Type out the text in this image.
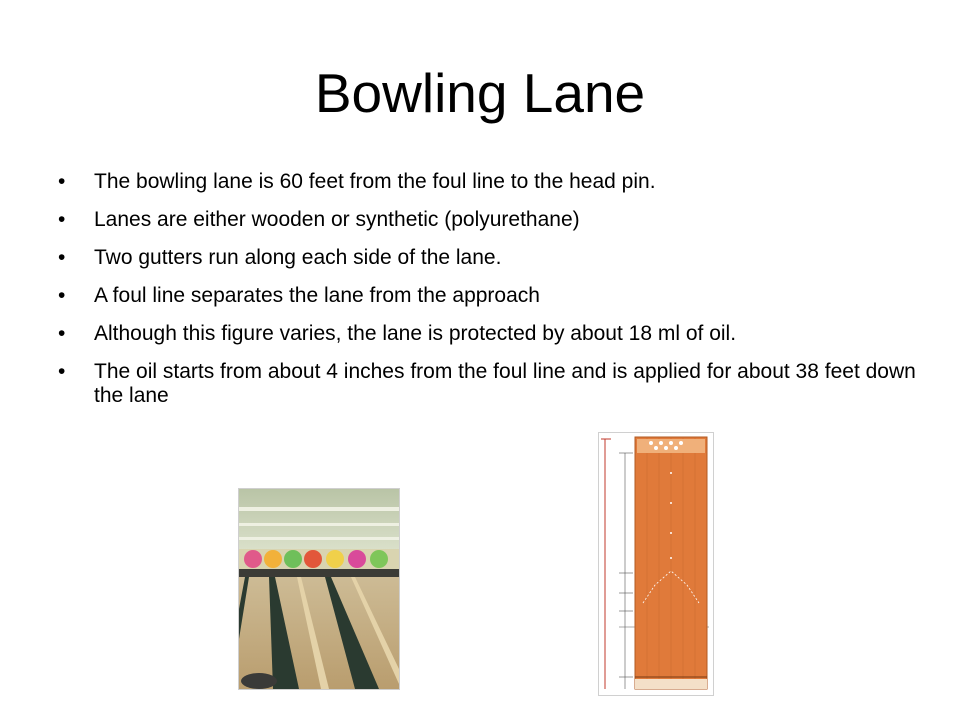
Bowling Lane
• The bowling lane is 60 feet from the foul line to the head pin.
• Lanes are either wooden or synthetic (polyurethane)
• Two gutters run along each side of the lane.
• A foul line separates the lane from the approach
• Although this figure varies, the lane is protected by about 18 ml of oil.
• The oil starts from about 4 inches from the foul line and is applied for about 38 feet down the lane
